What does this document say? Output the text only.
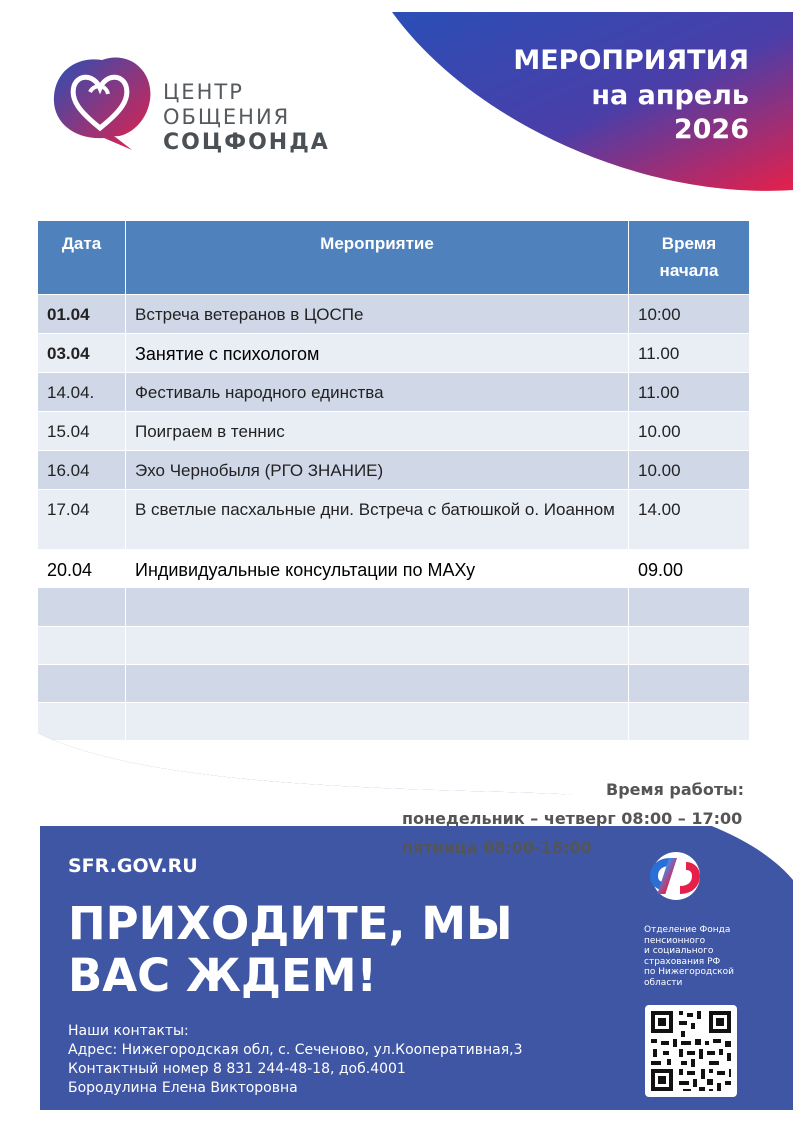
МЕРОПРИЯТИЯ
на апрель
2026
ЦЕНТР
ОБЩЕНИЯ
СОЦФОНДА
Дата	Мероприятие	Время
начала
01.04	Встреча ветеранов в ЦОСПе	10:00
03.04	Занятие с психологом	11.00
14.04.	Фестиваль народного единства	11.00
15.04	Поиграем в теннис	10.00
16.04	Эхо Чернобыля (РГО ЗНАНИЕ)	10.00
17.04	В светлые пасхальные дни. Встреча с батюшкой о. Иоанном	14.00
20.04	Индивидуальные консультации по МАХу	09.00

Время работы:
понедельник – четверг 08:00 – 17:00
пятница 08:00-16:00
SFR.GOV.RU
ПРИХОДИТЕ, МЫ
ВАС ЖДЕМ!
Наши контакты:
Адрес: Нижегородская обл, с. Сеченово, ул.Кооперативная,3
Контактный номер 8 831 244-48-18, доб.4001
Бородулина Елена Викторовна
Отделение Фонда
пенсионного
и социального
страхования РФ
по Нижегородской
области
